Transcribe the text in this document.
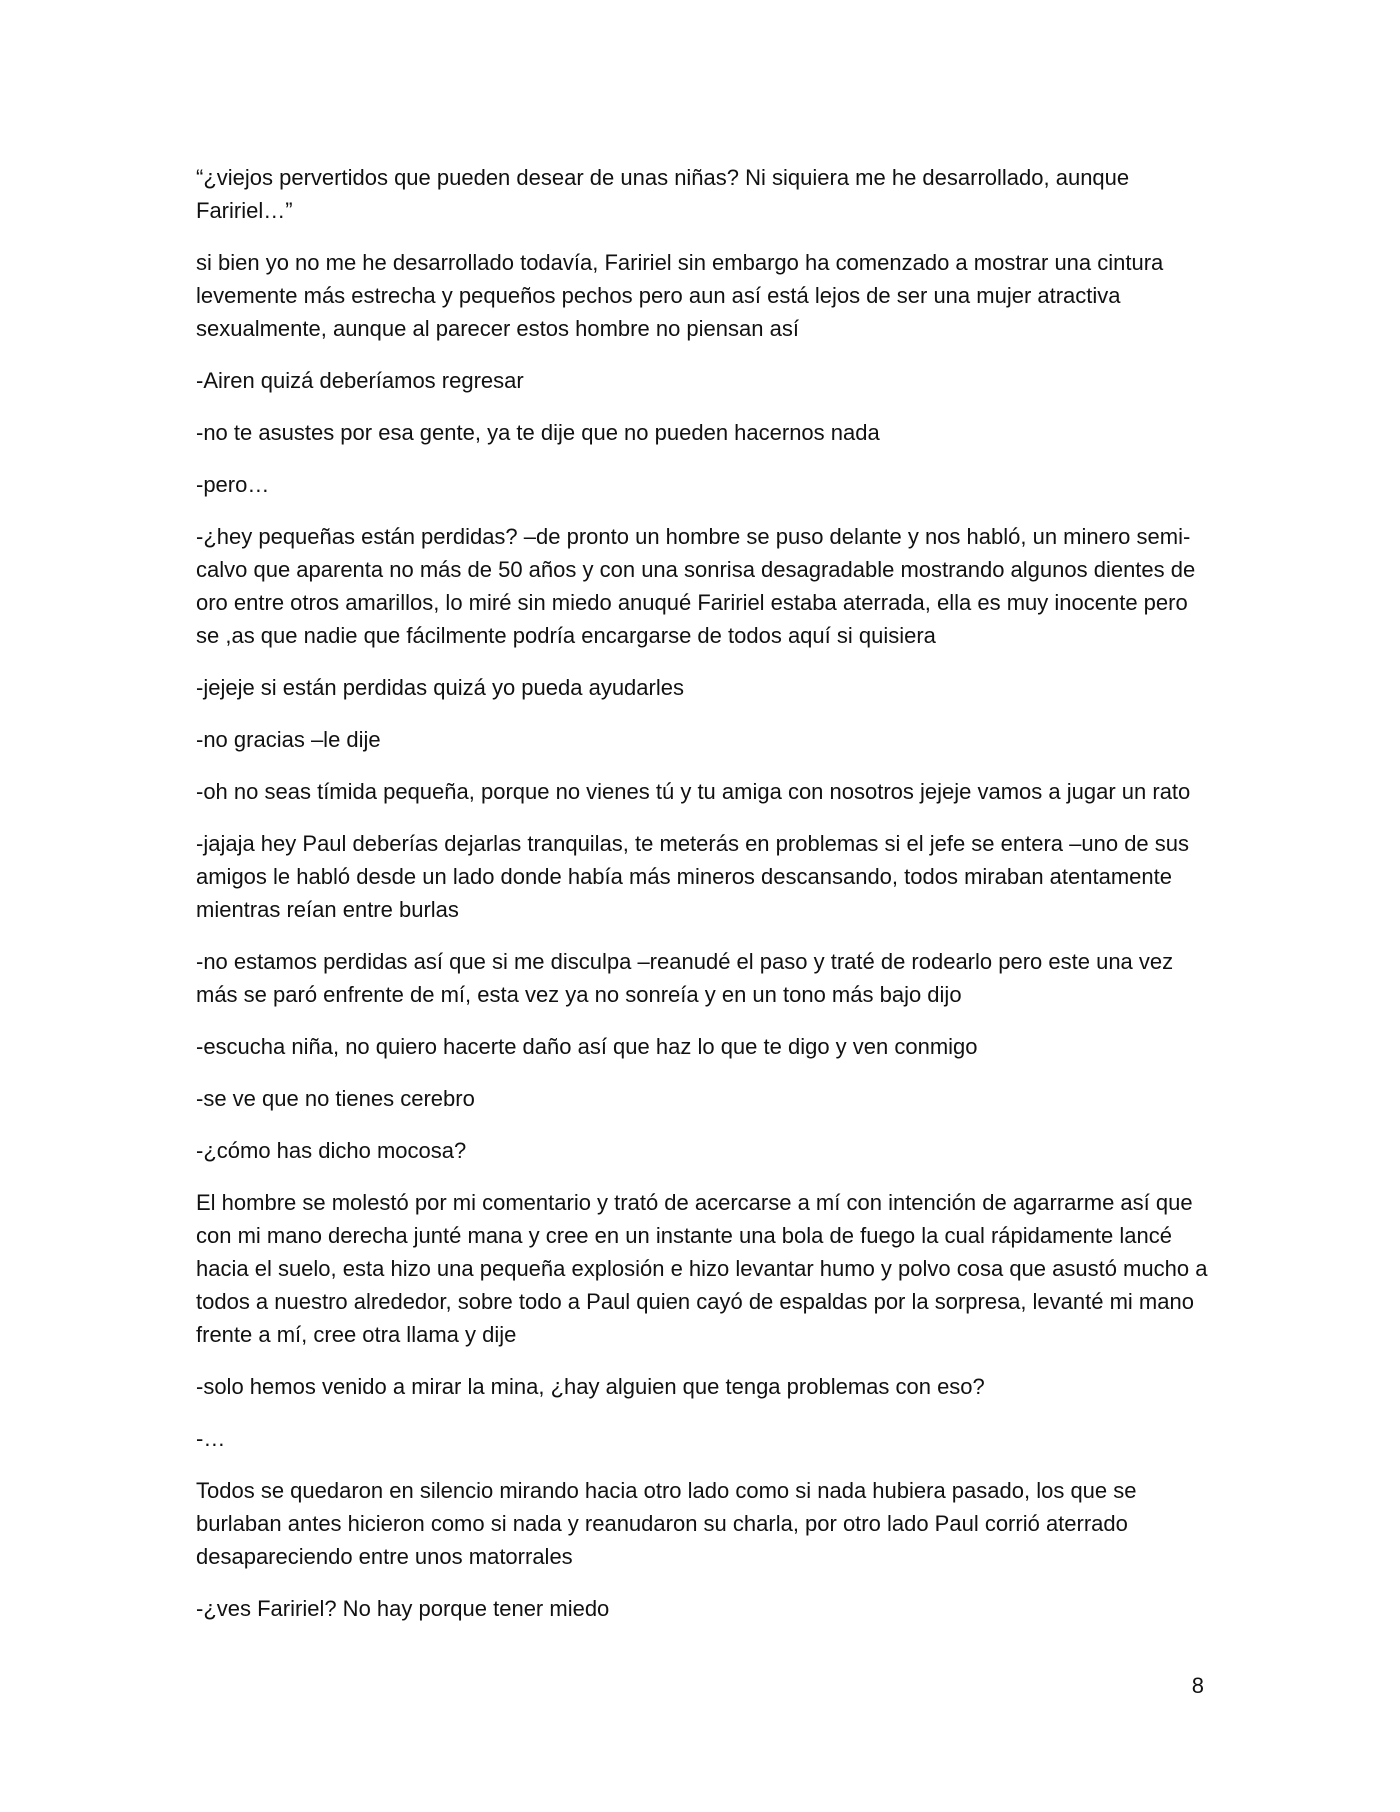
“¿viejos pervertidos que pueden desear de unas niñas? Ni siquiera me he desarrollado, aunque Faririel…”

si bien yo no me he desarrollado todavía, Faririel sin embargo ha comenzado a mostrar una cintura levemente más estrecha y pequeños pechos pero aun así está lejos de ser una mujer atractiva sexualmente, aunque al parecer estos hombre no piensan así

-Airen quizá deberíamos regresar

-no te asustes por esa gente, ya te dije que no pueden hacernos nada

-pero…

-¿hey pequeñas están perdidas? –de pronto un hombre se puso delante y nos habló, un minero semi-calvo que aparenta no más de 50 años y con una sonrisa desagradable mostrando algunos dientes de oro entre otros amarillos, lo miré sin miedo anuqué Faririel estaba aterrada, ella es muy inocente pero se ,as que nadie que fácilmente podría encargarse de todos aquí si quisiera

-jejeje si están perdidas quizá yo pueda ayudarles

-no gracias –le dije

-oh no seas tímida pequeña, porque no vienes tú y tu amiga con nosotros jejeje vamos a jugar un rato

-jajaja hey Paul deberías dejarlas tranquilas, te meterás en problemas si el jefe se entera –uno de sus amigos le habló desde un lado donde había más mineros descansando, todos miraban atentamente mientras reían entre burlas

-no estamos perdidas así que si me disculpa –reanudé el paso y traté de rodearlo pero este una vez más se paró enfrente de mí, esta vez ya no sonreía y en un tono más bajo dijo

-escucha niña, no quiero hacerte daño así que haz lo que te digo y ven conmigo

-se ve que no tienes cerebro

-¿cómo has dicho mocosa?

El hombre se molestó por mi comentario y trató de acercarse a mí con intención de agarrarme así que con mi mano derecha junté mana y cree en un instante una bola de fuego la cual rápidamente lancé hacia el suelo, esta hizo una pequeña explosión e hizo levantar humo y polvo cosa que asustó mucho a todos a nuestro alrededor, sobre todo a Paul quien cayó de espaldas por la sorpresa, levanté mi mano frente a mí, cree otra llama y dije

-solo hemos venido a mirar la mina, ¿hay alguien que tenga problemas con eso?

-…

Todos se quedaron en silencio mirando hacia otro lado como si nada hubiera pasado, los que se burlaban antes hicieron como si nada y reanudaron su charla, por otro lado Paul corrió aterrado desapareciendo entre unos matorrales

-¿ves Faririel? No hay porque tener miedo

8
